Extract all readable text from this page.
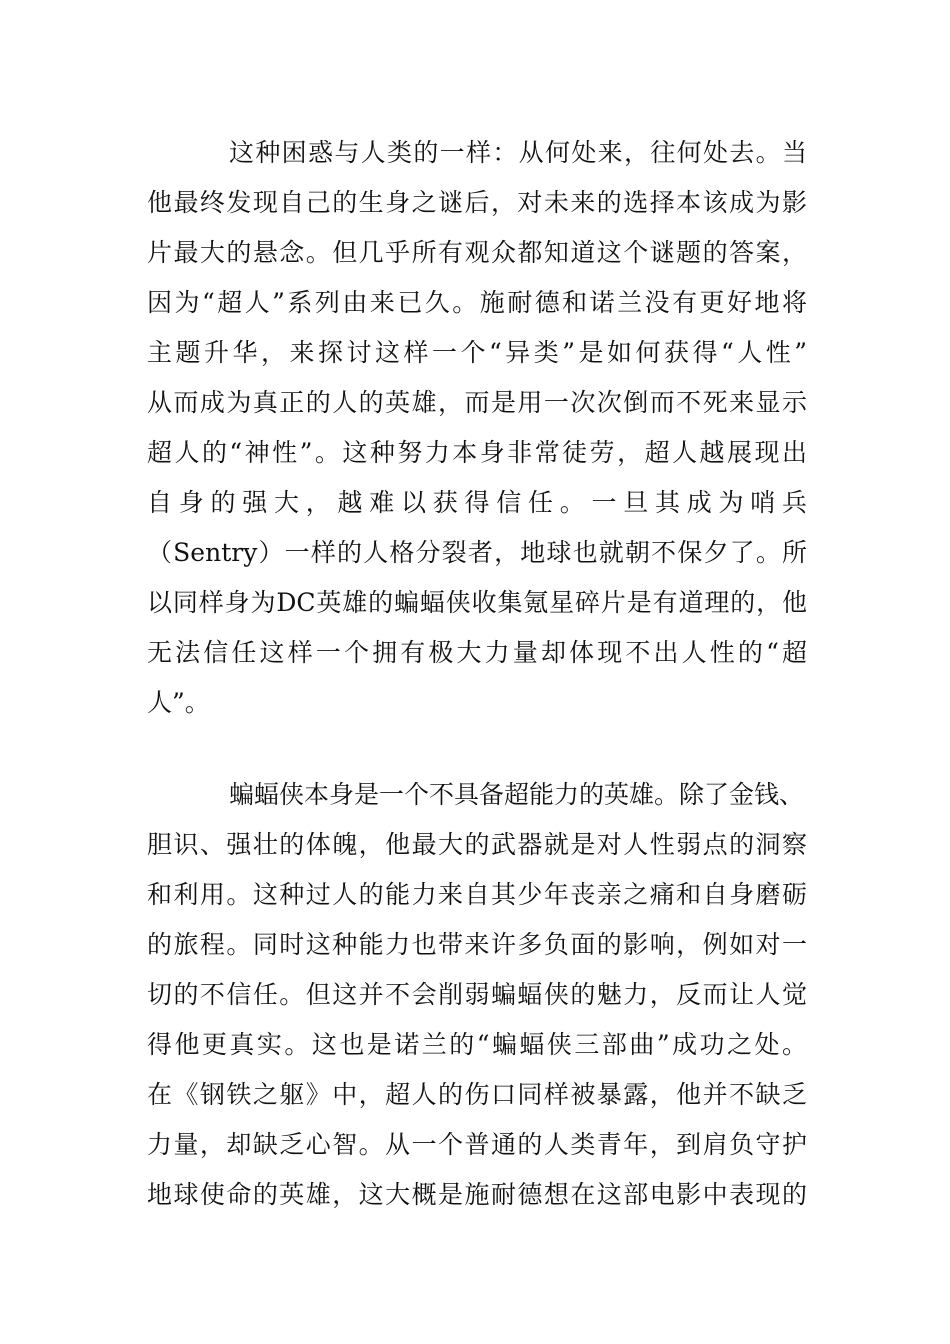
这种困惑与人类的一样：从何处来，往何处去。当
他最终发现自己的生身之谜后，对未来的选择本该成为影
片最大的悬念。但几乎所有观众都知道这个谜题的答案，
因为“超人”系列由来已久。施耐德和诺兰没有更好地将
主题升华，来探讨这样一个“异类”是如何获得“人性”
从而成为真正的人的英雄，而是用一次次倒而不死来显示
超人的“神性”。这种努力本身非常徒劳，超人越展现出
自身的强大，越难以获得信任。一旦其成为哨兵
（Sentry）一样的人格分裂者，地球也就朝不保夕了。所
以同样身为DC英雄的蝙蝠侠收集氪星碎片是有道理的，他
无法信任这样一个拥有极大力量却体现不出人性的“超
人”。
蝙蝠侠本身是一个不具备超能力的英雄。除了金钱、
胆识、强壮的体魄，他最大的武器就是对人性弱点的洞察
和利用。这种过人的能力来自其少年丧亲之痛和自身磨砺
的旅程。同时这种能力也带来许多负面的影响，例如对一
切的不信任。但这并不会削弱蝙蝠侠的魅力，反而让人觉
得他更真实。这也是诺兰的“蝙蝠侠三部曲”成功之处。
在《钢铁之躯》中，超人的伤口同样被暴露，他并不缺乏
力量，却缺乏心智。从一个普通的人类青年，到肩负守护
地球使命的英雄，这大概是施耐德想在这部电影中表现的
